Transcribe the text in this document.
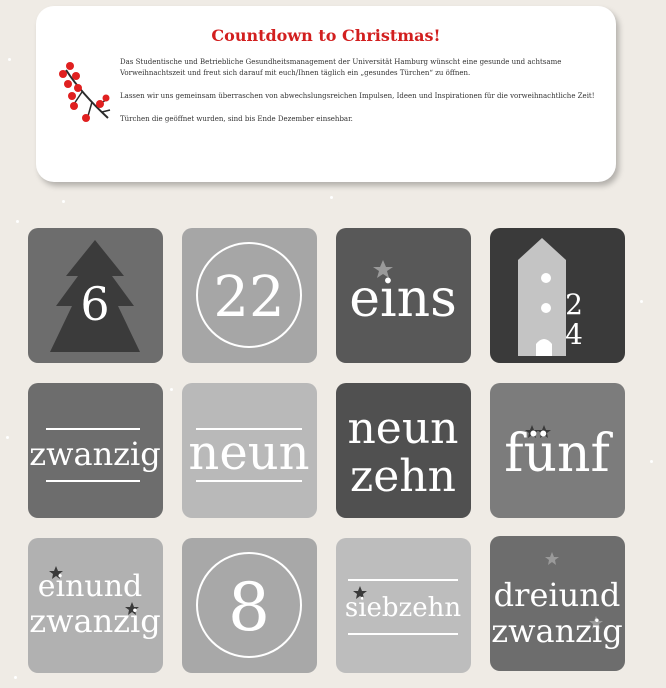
Countdown to Christmas!

Das Studentische und Betriebliche Gesundheitsmanagement der Universität Hamburg wünscht eine gesunde und achtsame Vorweihnachtszeit und freut sich darauf mit euch/Ihnen täglich ein „gesundes Türchen“ zu öffnen.

Lassen wir uns gemeinsam überraschen von abwechslungsreichen Impulsen, Ideen und Inspirationen für die vorweihnachtliche Zeit!

Türchen die geöffnet wurden, sind bis Ende Dezember einsehbar.

6 22 eins	2
4
zwanzig neun neun
zehn fünf
einund
zwanzig 8	siebzehn dreiund
zwanzig
